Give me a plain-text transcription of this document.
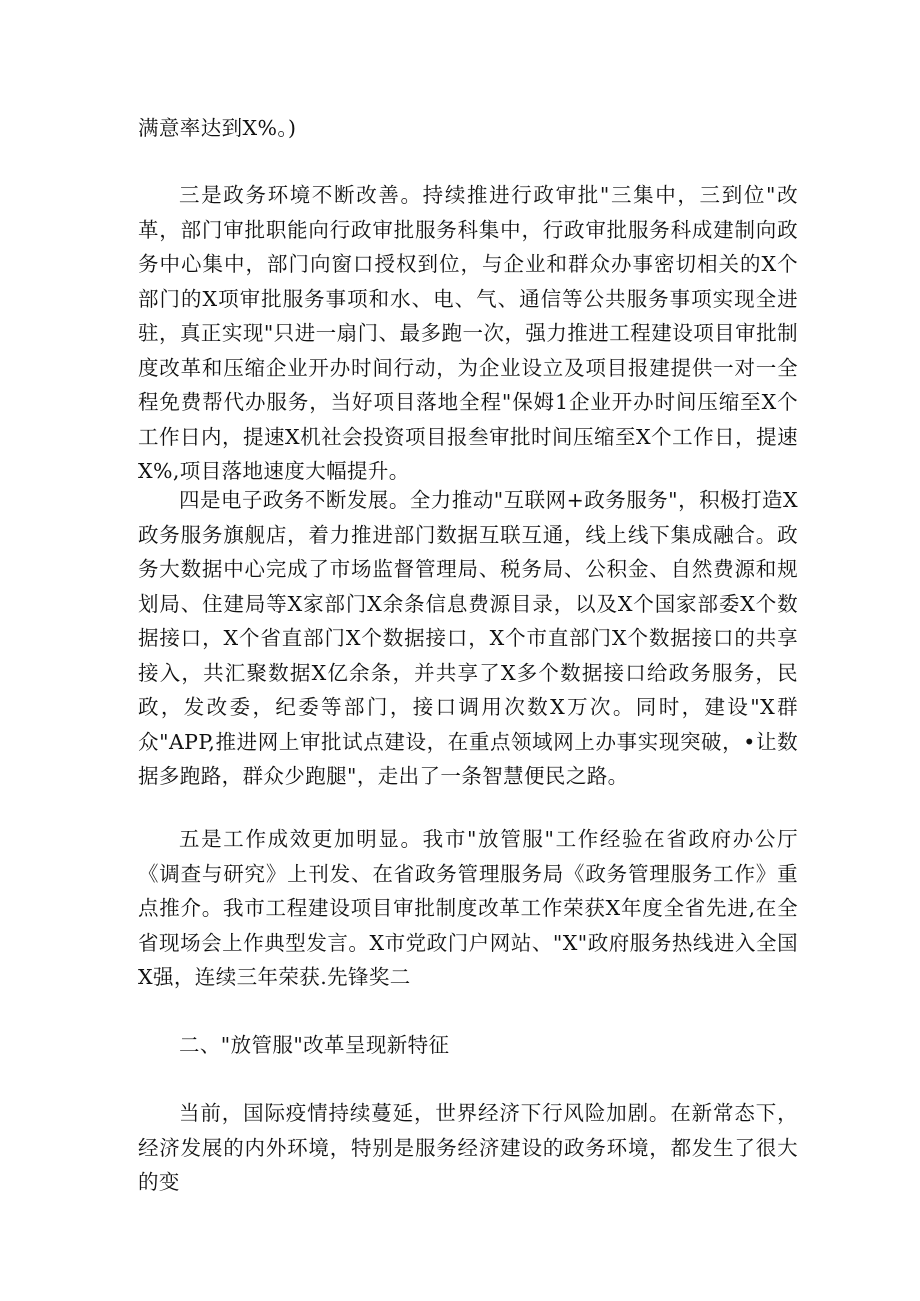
满意率达到X%。)

三是政务环境不断改善。持续推进行政审批"三集中，三到位"改革，部门审批职能向行政审批服务科集中，行政审批服务科成建制向政务中心集中，部门向窗口授权到位，与企业和群众办事密切相关的X个部门的X项审批服务事项和水、电、气、通信等公共服务事项实现全进驻，真正实现"只进一扇门、最多跑一次，强力推进工程建设项目审批制度改革和压缩企业开办时间行动，为企业设立及项目报建提供一对一全程免费帮代办服务，当好项目落地全程"保姆1企业开办时间压缩至X个工作日内，提速X机社会投资项目报叁审批时间压缩至X个工作日，提速X%,项目落地速度大幅提升。

四是电子政务不断发展。全力推动"互联网+政务服务"，积极打造X政务服务旗舰店，着力推进部门数据互联互通，线上线下集成融合。政务大数据中心完成了市场监督管理局、税务局、公积金、自然费源和规划局、住建局等X家部门X余条信息费源目录，以及X个国家部委X个数据接口，X个省直部门X个数据接口，X个市直部门X个数据接口的共享接入，共汇聚数据X亿余条，并共享了X多个数据接口给政务服务，民政，发改委，纪委等部门，接口调用次数X万次。同时，建设"X群众"APP,推进网上审批试点建设，在重点领域网上办事实现突破，•让数据多跑路，群众少跑腿"，走出了一条智慧便民之路。

五是工作成效更加明显。我市"放管服"工作经验在省政府办公厅《调查与研究》上刊发、在省政务管理服务局《政务管理服务工作》重点推介。我市工程建设项目审批制度改革工作荣获X年度全省先进,在全省现场会上作典型发言。X市党政门户网站、"X"政府服务热线进入全国X强，连续三年荣获.先锋奖二

二、"放管服"改革呈现新特征

当前，国际疫情持续蔓延，世界经济下行风险加剧。在新常态下，经济发展的内外环境，特别是服务经济建设的政务环境，都发生了很大的变
